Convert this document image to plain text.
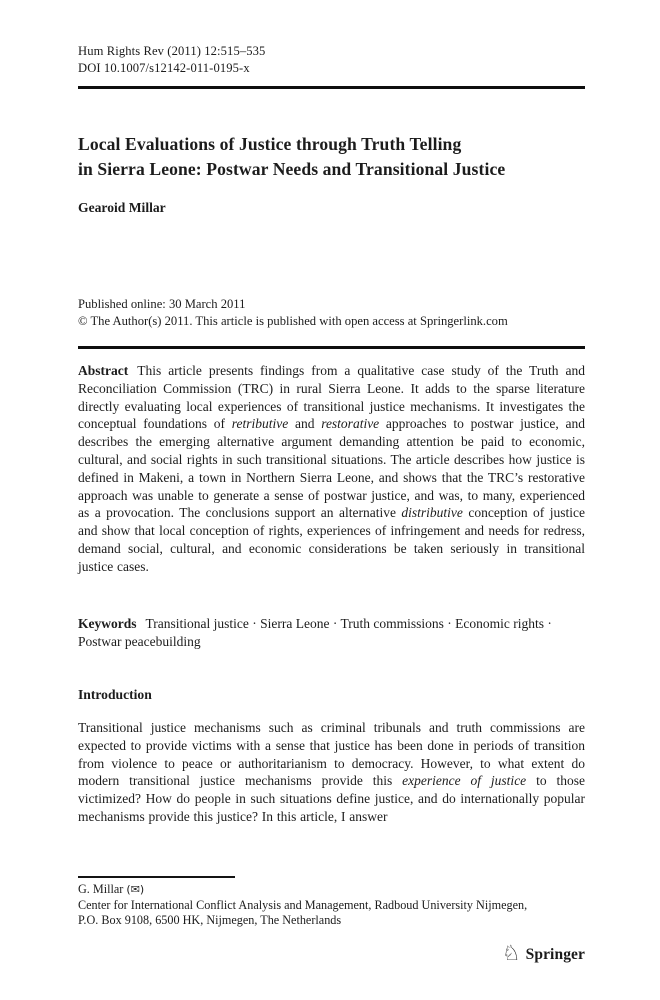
Hum Rights Rev (2011) 12:515–535
DOI 10.1007/s12142-011-0195-x
Local Evaluations of Justice through Truth Telling
in Sierra Leone: Postwar Needs and Transitional Justice
Gearoid Millar
Published online: 30 March 2011
© The Author(s) 2011. This article is published with open access at Springerlink.com
Abstract This article presents findings from a qualitative case study of the Truth and Reconciliation Commission (TRC) in rural Sierra Leone. It adds to the sparse literature directly evaluating local experiences of transitional justice mechanisms. It investigates the conceptual foundations of retributive and restorative approaches to postwar justice, and describes the emerging alternative argument demanding attention be paid to economic, cultural, and social rights in such transitional situations. The article describes how justice is defined in Makeni, a town in Northern Sierra Leone, and shows that the TRC’s restorative approach was unable to generate a sense of postwar justice, and was, to many, experienced as a provocation. The conclusions support an alternative distributive conception of justice and show that local conception of rights, experiences of infringement and needs for redress, demand social, cultural, and economic considerations be taken seriously in transitional justice cases.
Keywords Transitional justice · Sierra Leone · Truth commissions · Economic rights · Postwar peacebuilding
Introduction
Transitional justice mechanisms such as criminal tribunals and truth commissions are expected to provide victims with a sense that justice has been done in periods of transition from violence to peace or authoritarianism to democracy. However, to what extent do modern transitional justice mechanisms provide this experience of justice to those victimized? How do people in such situations define justice, and do internationally popular mechanisms provide this justice? In this article, I answer
G. Millar (✉)
Center for International Conflict Analysis and Management, Radboud University Nijmegen,
P.O. Box 9108, 6500 HK, Nijmegen, The Netherlands
♘ Springer
